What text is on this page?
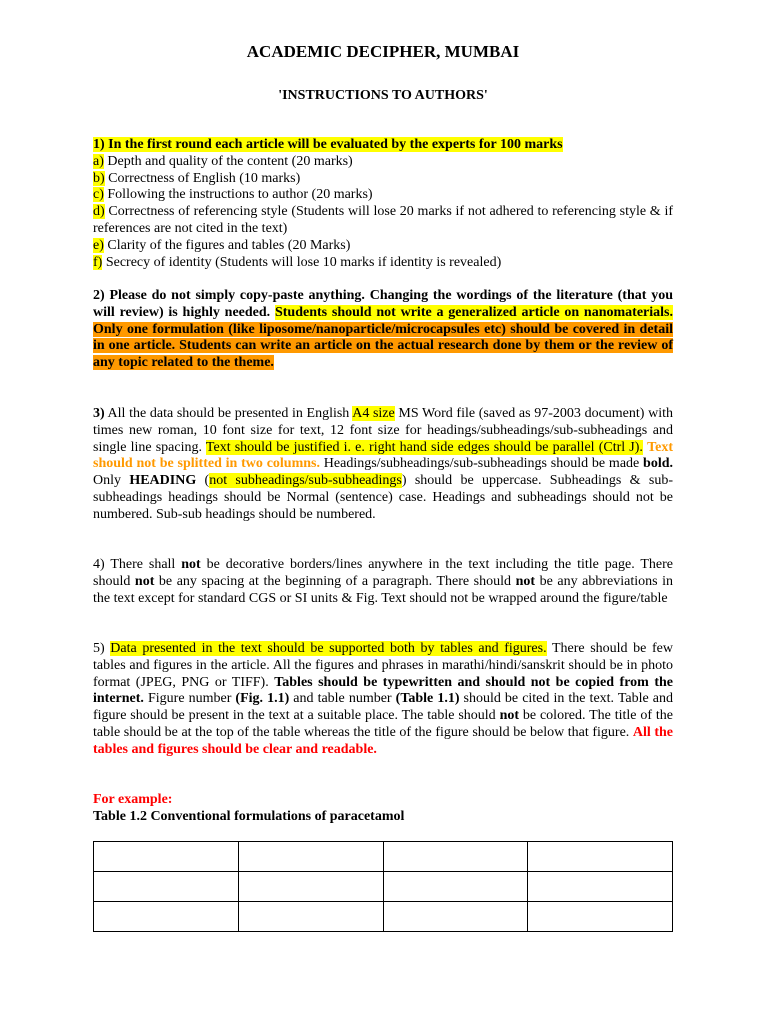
ACADEMIC DECIPHER, MUMBAI
'INSTRUCTIONS TO AUTHORS'
1) In the first round each article will be evaluated by the experts for 100 marks
a) Depth and quality of the content (20 marks)
b) Correctness of English (10 marks)
c) Following the instructions to author (20 marks)
d) Correctness of referencing style (Students will lose 20 marks if not adhered to referencing style & if references are not cited in the text)
e) Clarity of the figures and tables (20 Marks)
f) Secrecy of identity (Students will lose 10 marks if identity is revealed)
2) Please do not simply copy-paste anything. Changing the wordings of the literature (that you will review) is highly needed. Students should not write a generalized article on nanomaterials. Only one formulation (like liposome/nanoparticle/microcapsules etc) should be covered in detail in one article. Students can write an article on the actual research done by them or the review of any topic related to the theme.
3) All the data should be presented in English A4 size MS Word file (saved as 97-2003 document) with times new roman, 10 font size for text, 12 font size for headings/subheadings/sub-subheadings and single line spacing. Text should be justified i. e. right hand side edges should be parallel (Ctrl J). Text should not be splitted in two columns. Headings/subheadings/sub-subheadings should be made bold. Only HEADING (not subheadings/sub-subheadings) should be uppercase. Subheadings & sub-subheadings headings should be Normal (sentence) case. Headings and subheadings should not be numbered. Sub-sub headings should be numbered.
4) There shall not be decorative borders/lines anywhere in the text including the title page. There should not be any spacing at the beginning of a paragraph. There should not be any abbreviations in the text except for standard CGS or SI units & Fig. Text should not be wrapped around the figure/table
5) Data presented in the text should be supported both by tables and figures. There should be few tables and figures in the article. All the figures and phrases in marathi/hindi/sanskrit should be in photo format (JPEG, PNG or TIFF). Tables should be typewritten and should not be copied from the internet. Figure number (Fig. 1.1) and table number (Table 1.1) should be cited in the text. Table and figure should be present in the text at a suitable place. The table should not be colored. The title of the table should be at the top of the table whereas the title of the figure should be below that figure. All the tables and figures should be clear and readable.
For example:
Table 1.2 Conventional formulations of paracetamol
